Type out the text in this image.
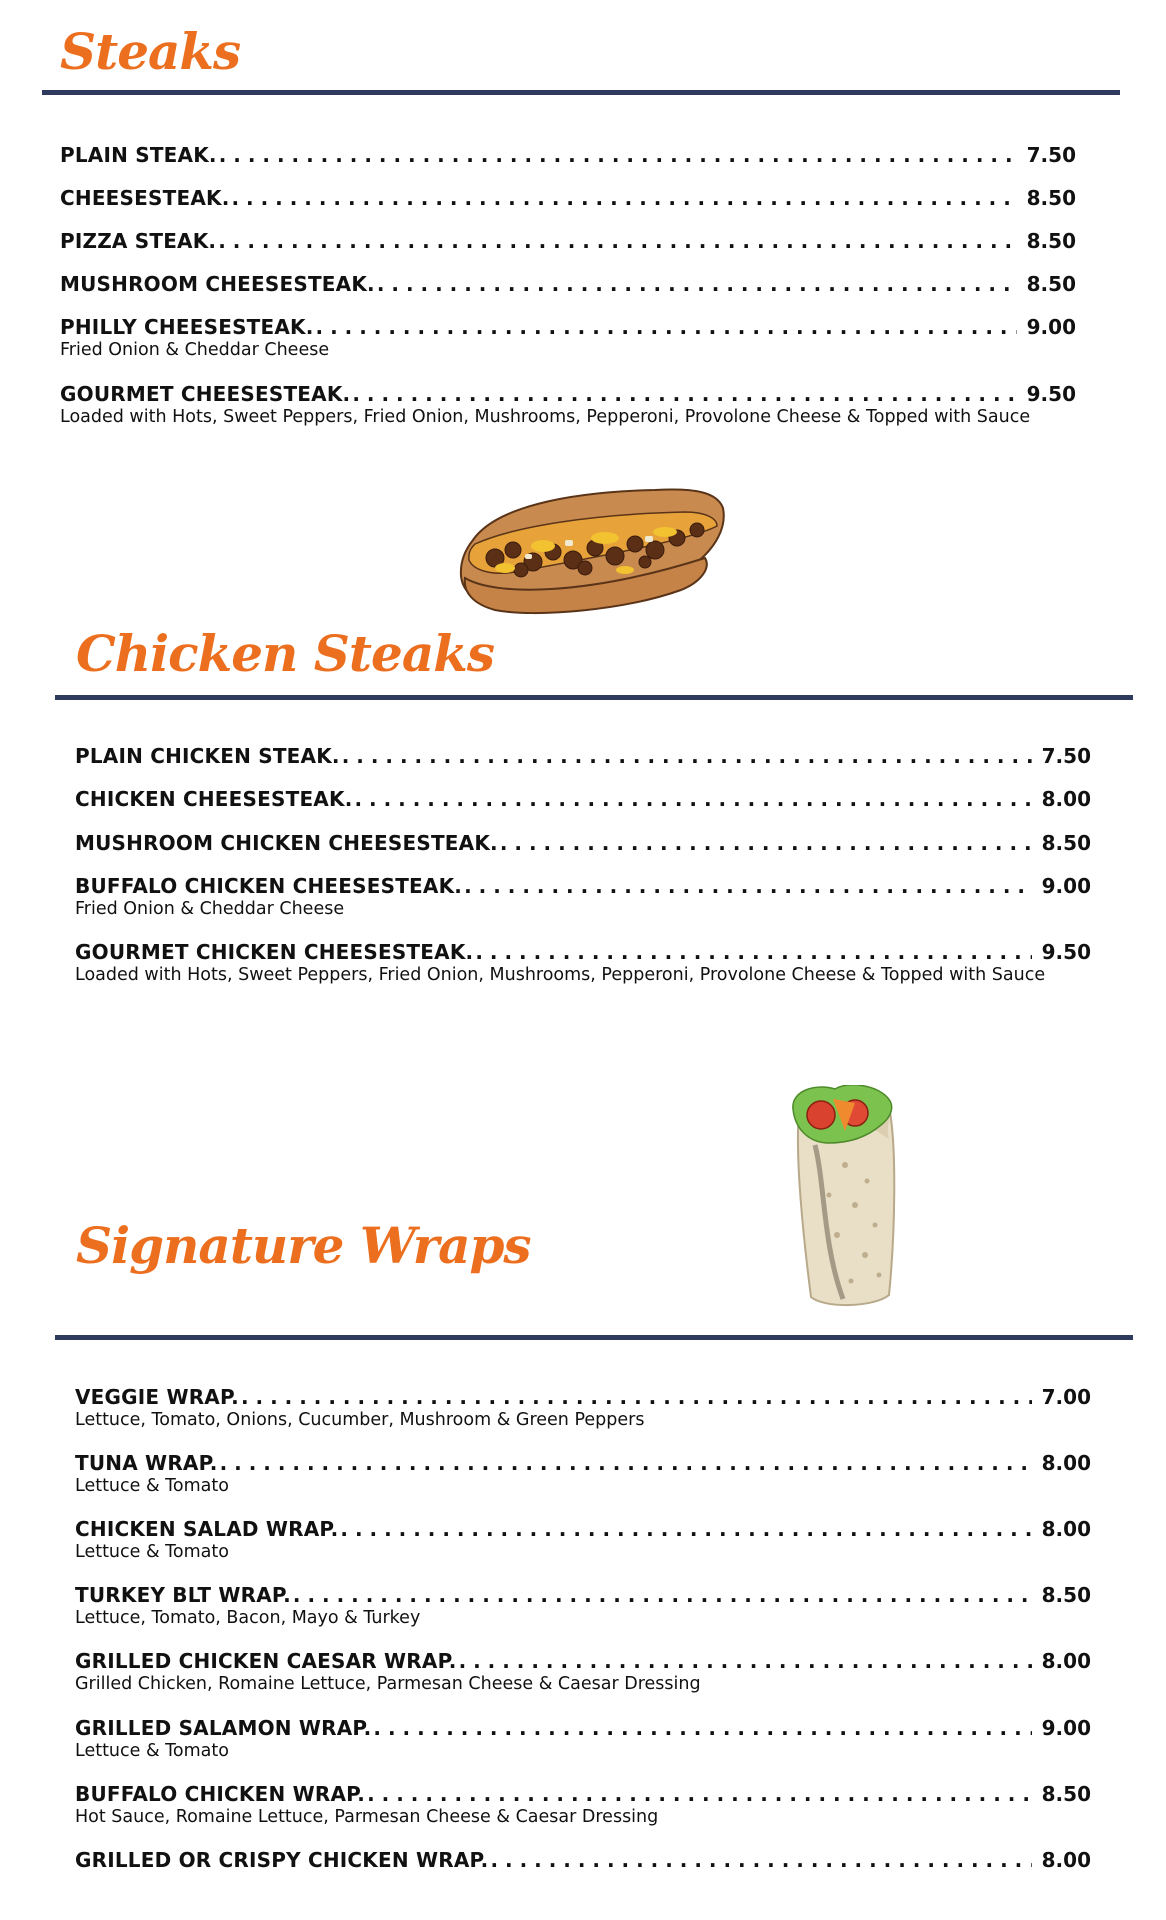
Steaks
PLAIN STEAK. . . .	7.50
CHEESESTEAK. . . .	8.50
PIZZA STEAK. . . .	8.50
MUSHROOM CHEESESTEAK. . . .	8.50
PHILLY CHEESESTEAK. . . .	9.00
Fried Onion & Cheddar Cheese
GOURMET CHEESESTEAK. . . .	9.50
Loaded with Hots, Sweet Peppers, Fried Onion, Mushrooms, Pepperoni, Provolone Cheese & Topped with Sauce
Chicken Steaks
PLAIN CHICKEN STEAK. . . .	7.50
CHICKEN CHEESESTEAK. . . .	8.00
MUSHROOM CHICKEN CHEESESTEAK. . . .	8.50
BUFFALO CHICKEN CHEESESTEAK. . . .	9.00
Fried Onion & Cheddar Cheese
GOURMET CHICKEN CHEESESTEAK. . . .	9.50
Loaded with Hots, Sweet Peppers, Fried Onion, Mushrooms, Pepperoni, Provolone Cheese & Topped with Sauce
Signature Wraps
VEGGIE WRAP. . . .	7.00
Lettuce, Tomato, Onions, Cucumber, Mushroom & Green Peppers
TUNA WRAP. . . .	8.00
Lettuce & Tomato
CHICKEN SALAD WRAP. . . .	8.00
Lettuce & Tomato
TURKEY BLT WRAP. . . .	8.50
Lettuce, Tomato, Bacon, Mayo & Turkey
GRILLED CHICKEN CAESAR WRAP. . . .	8.00
Grilled Chicken, Romaine Lettuce, Parmesan Cheese & Caesar Dressing
GRILLED SALAMON WRAP. . . .	9.00
Lettuce & Tomato
BUFFALO CHICKEN WRAP. . . .	8.50
Hot Sauce, Romaine Lettuce, Parmesan Cheese & Caesar Dressing
GRILLED OR CRISPY CHICKEN WRAP. . . .	8.00
